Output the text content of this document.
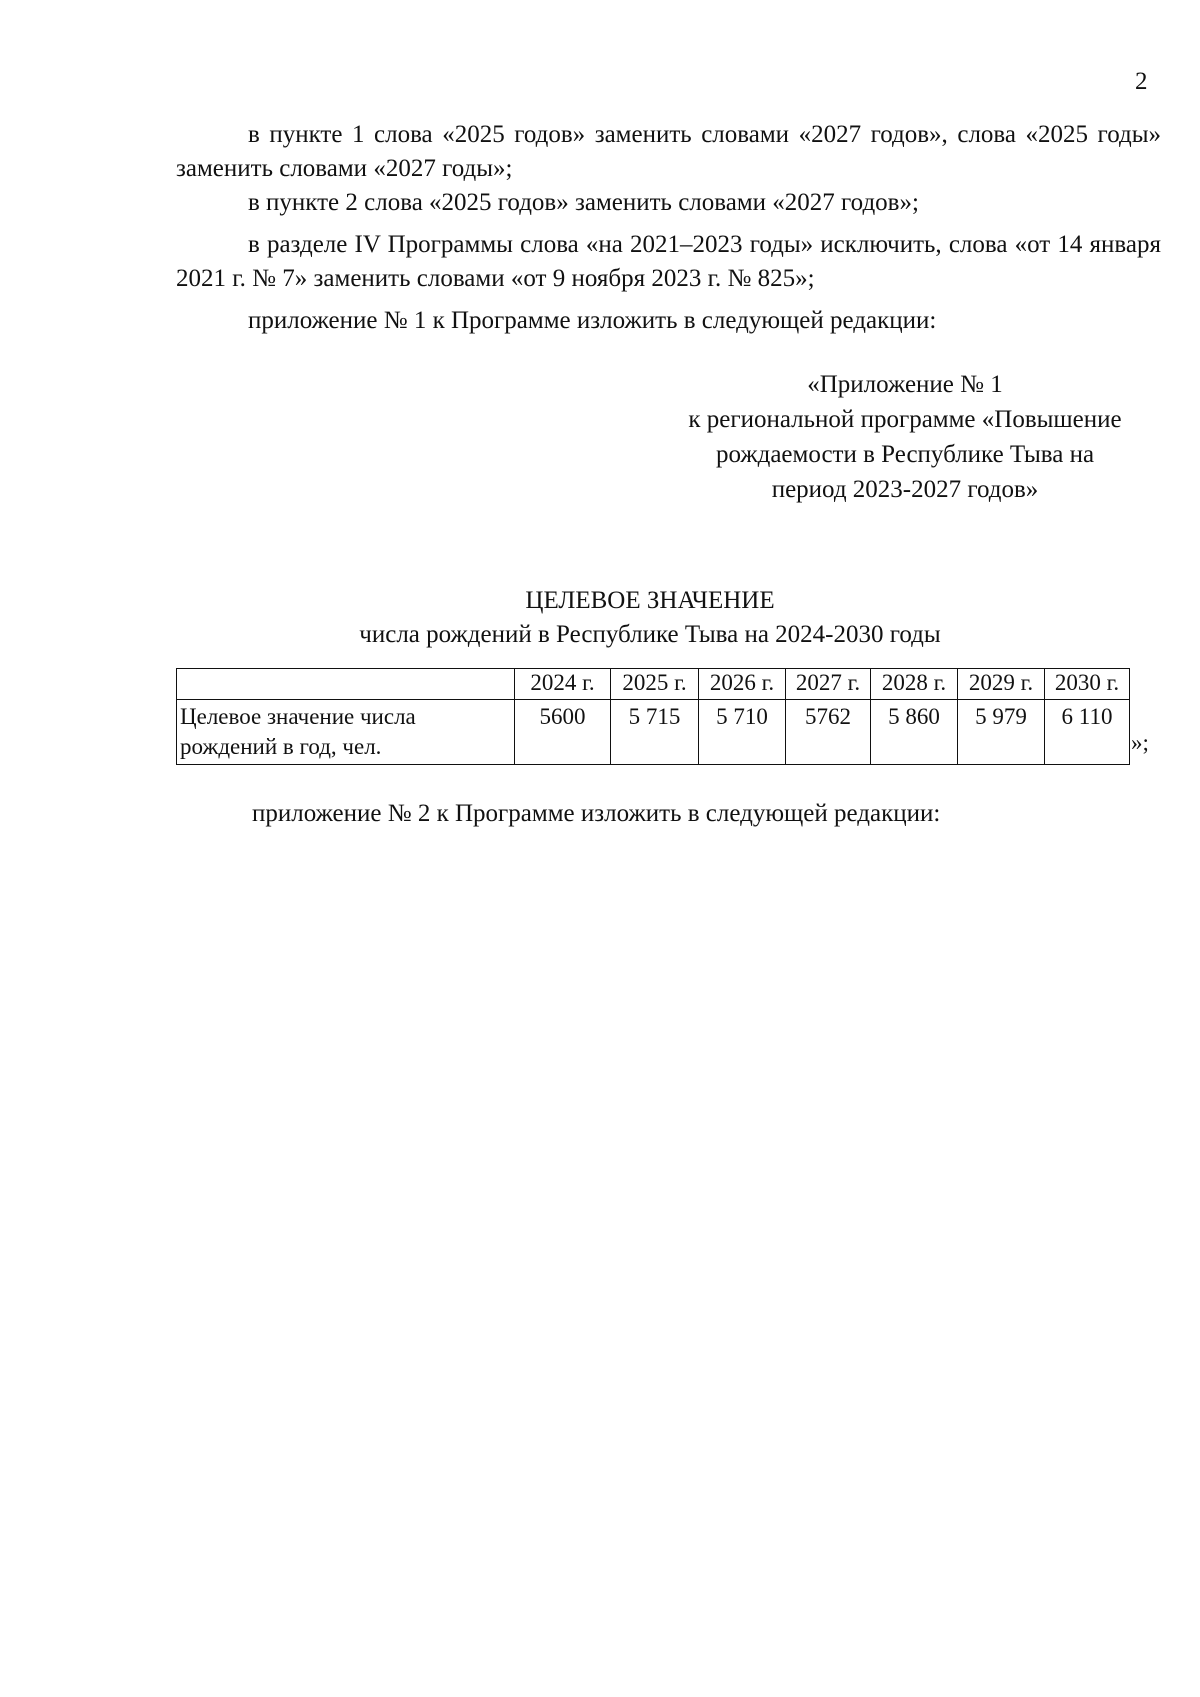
2

в пункте 1 слова «2025 годов» заменить словами «2027 годов», слова «2025 годы» заменить словами «2027 годы»;

в пункте 2 слова «2025 годов» заменить словами «2027 годов»;

в разделе IV Программы слова «на 2021–2023 годы» исключить, слова «от 14 января 2021 г. № 7» заменить словами «от 9 ноября 2023 г. № 825»;

приложение № 1 к Программе изложить в следующей редакции:

«Приложение № 1
к региональной программе «Повышение
рождаемости в Республике Тыва на
период 2023-2027 годов»

ЦЕЛЕВОЕ ЗНАЧЕНИЕ

числа рождений в Республике Тыва на 2024-2030 годы

	2024 г.	2025 г.	2026 г.	2027 г.	2028 г.	2029 г.	2030 г.
Целевое значение числа рождений в год, чел.	5600	5 715	5 710	5762	5 860	5 979	6 110
»;

приложение № 2 к Программе изложить в следующей редакции:
